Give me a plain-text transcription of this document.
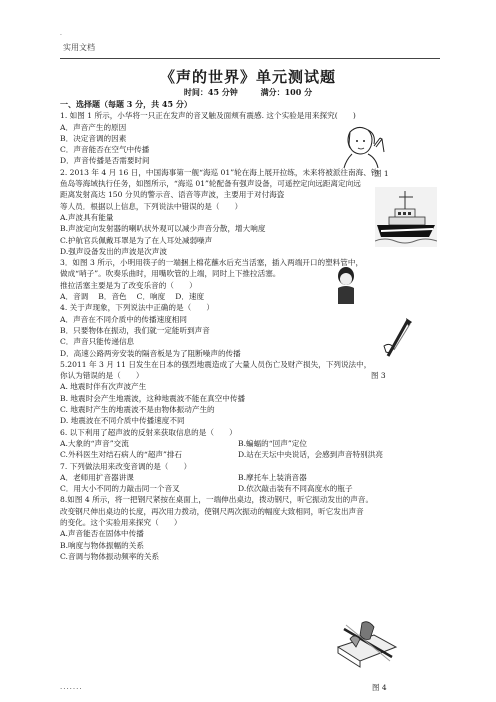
.
实用文档
《声的世界》单元测试题
时间：45 分钟	满分：100 分

一、选择题（每题 3 分，共 45 分）

1. 如图 1 所示，小华将一只正在发声的音叉触及面颊有震感. 这个实验是用来探究(　　)

A．声音产生的原因

B．决定音调的因素

C．声音能否在空气中传播

D．声音传播是否需要时间

2. 2013 年 4 月 16 日，中国海事第一舰“海巡 01”轮在海上展开拉练，未来将被派往南海、钓

鱼岛等海域执行任务，如图所示，“海巡 01”轮配备有强声设备，可遥控定向远距离定向远

距离发射高达 150 分贝的警示音、语音等声波，主要用于对付海盗

等人员．根据以上信息，下列说法中错误的是（　　）

A.声波具有能量

B.声波定向发射器的喇叭状外观可以减少声音分散，增大响度

C.护航官兵佩戴耳罩是为了在人耳处减弱噪声

D.强声设备发出的声波是次声波

3．如图 3 所示，小明用筷子的一端捆上棉花蘸水后充当活塞，插入两端开口的塑料管中，

做成“哨子”。吹奏乐曲时，用嘴吹管的上端，同时上下推拉活塞。

推拉活塞主要是为了改变乐音的（　　）

A．音调　 B．音色　 C．响度　 D．速度

4. 关于声现象，下列说法中正确的是（　　）

A．声音在不同介质中的传播速度相同

B．只要物体在振动，我们就一定能听到声音

C．声音只能传递信息

D．高速公路两旁安装的隔音板是为了阻断噪声的传播

5.2011 年 3 月 11 日发生在日本的强烈地震造成了大量人员伤亡及财产损失，下列说法中，

你认为错误的是（　　）

A. 地震时伴有次声波产生

B. 地震时会产生地震波，这种地震波不能在真空中传播

C. 地震时产生的地震波不是由物体振动产生的

D. 地震波在不同介质中传播速度不同

6. 以下利用了超声波的反射来获取信息的是（　　）

A.大象的“声音”交流	B.蝙蝠的“回声”定位

C.外科医生对结石病人的“超声”排石	D.站在天坛中央说话，会感到声音特别洪亮

7. 下列做法用来改变音调的是（　　）

A．老师用扩音器讲课	B.摩托车上装消音器

C．用大小不同的力敲击同一个音叉	D.依次敲击装有不同高度水的瓶子

8.如图 4 所示，将一把钢尺紧按在桌面上，一端伸出桌边，拨动钢尺，听它振动发出的声音。

改变钢尺伸出桌边的长度，再次用力拨动，使钢尺两次振动的幅度大致相同，听它发出声音

的变化。这个实验用来探究（　　）

A.声音能否在固体中传播

B.响度与物体振幅的关系

C.音调与物体振动频率的关系

图 1
图 3
图 4
.......
